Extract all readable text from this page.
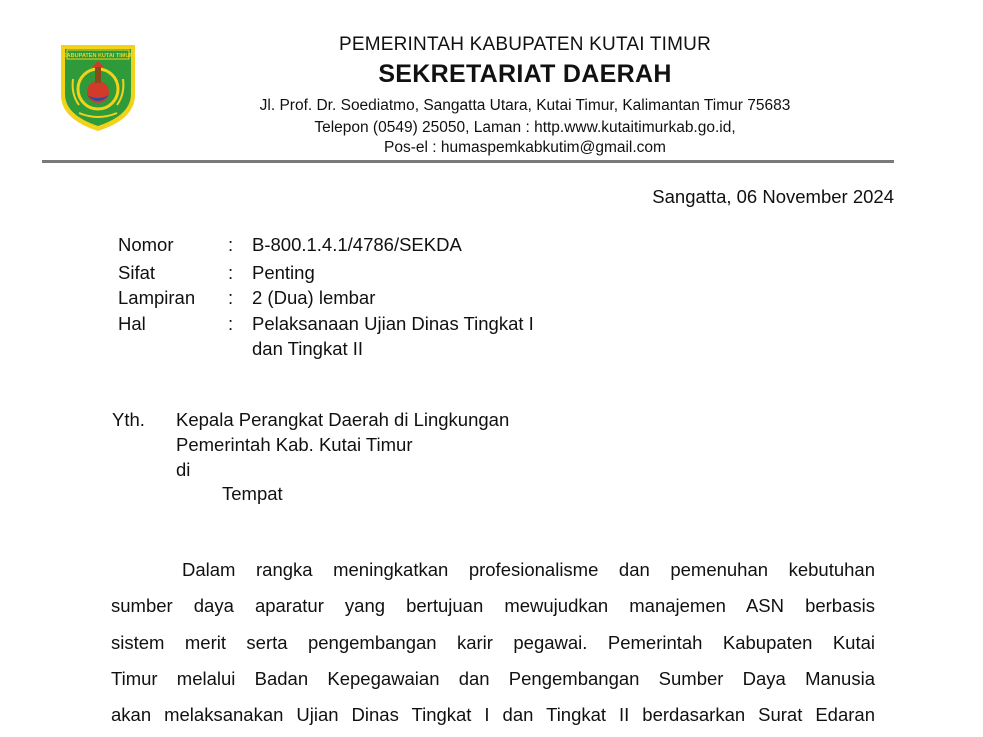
KABUPATEN KUTAI TIMUR
PEMERINTAH KABUPATEN KUTAI TIMUR
SEKRETARIAT DAERAH
Jl. Prof. Dr. Soediatmo, Sangatta Utara, Kutai Timur, Kalimantan Timur 75683
Telepon (0549) 25050, Laman : http.www.kutaitimurkab.go.id,
Pos-el : humaspemkabkutim@gmail.com
Sangatta, 06 November 2024
Nomor	: B-800.1.4.1/4786/SEKDA
Sifat	: Penting
Lampiran : 2 (Dua) lembar
Hal	: Pelaksanaan Ujian Dinas Tingkat I
dan Tingkat II
Yth. Kepala Perangkat Daerah di Lingkungan
Pemerintah Kab. Kutai Timur
di
Tempat
Dalam rangka meningkatkan profesionalisme dan pemenuhan kebutuhan
sumber daya aparatur yang bertujuan mewujudkan manajemen ASN berbasis
sistem merit serta pengembangan karir pegawai. Pemerintah Kabupaten Kutai
Timur melalui Badan Kepegawaian dan Pengembangan Sumber Daya Manusia
akan melaksanakan Ujian Dinas Tingkat I dan Tingkat II berdasarkan Surat Edaran
